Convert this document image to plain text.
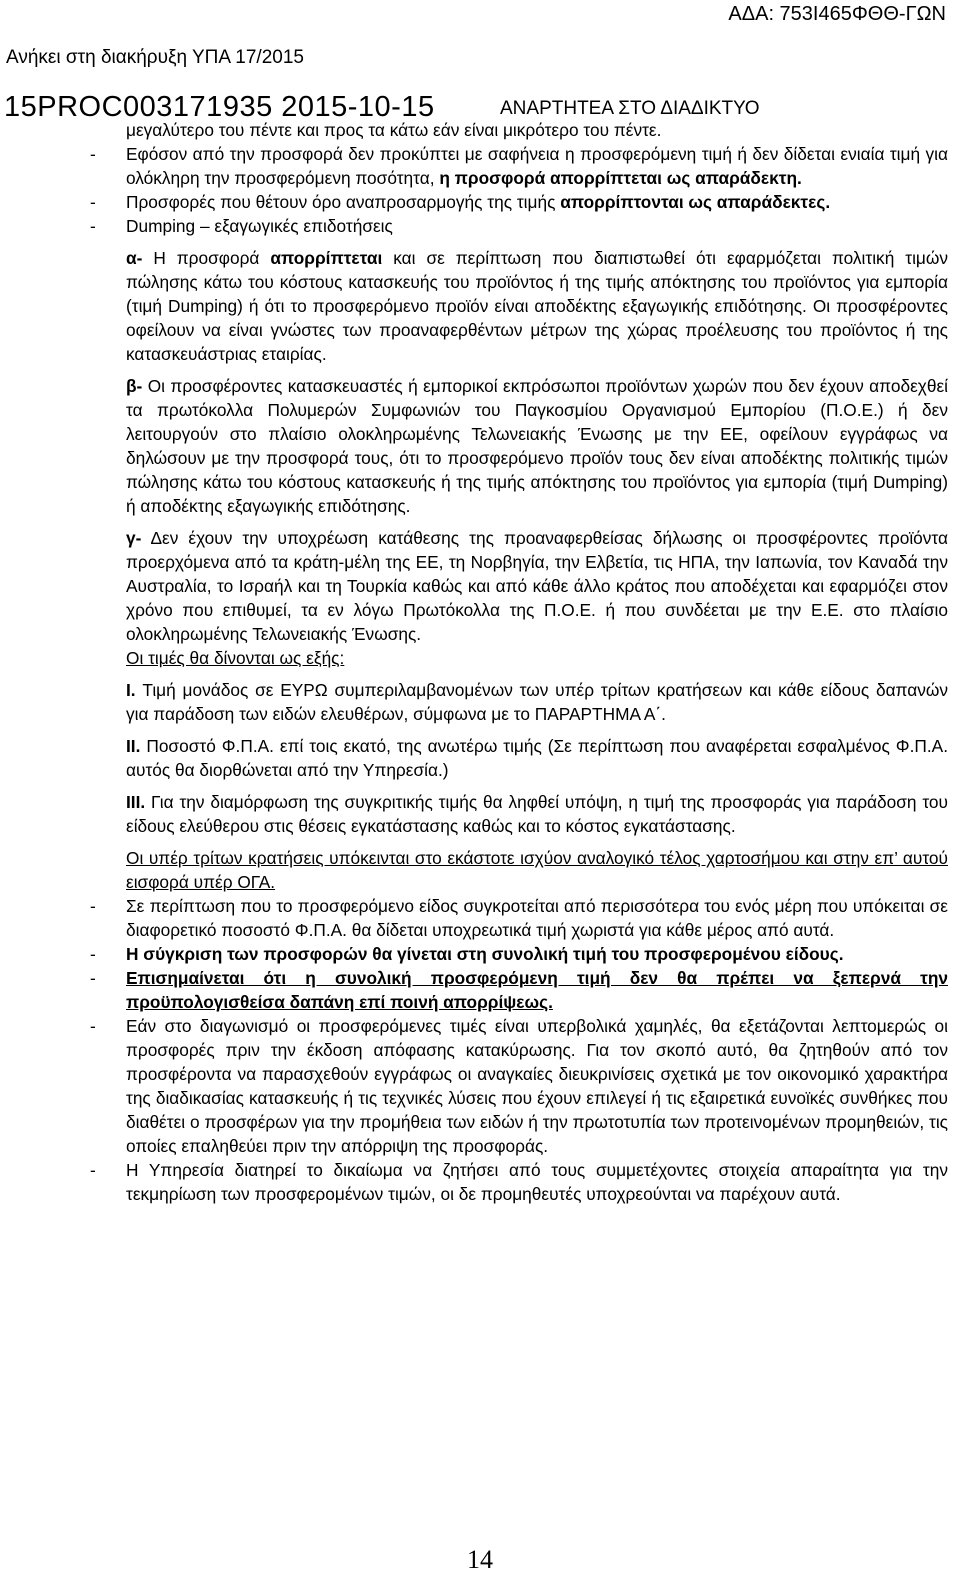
ΑΔΑ: 753Ι465ΦΘΘ-ΓΩΝ
Ανήκει στη διακήρυξη ΥΠΑ 17/2015
15PROC003171935 2015-10-15	ΑΝΑΡΤΗΤΕΑ ΣΤΟ ΔΙΑΔΙΚΤΥΟ

μεγαλύτερο του πέντε και προς τα κάτω εάν είναι μικρότερο του πέντε.

- Εφόσον από την προσφορά δεν προκύπτει με σαφήνεια η προσφερόμενη τιμή ή δεν δίδεται ενιαία τιμή για ολόκληρη την προσφερόμενη ποσότητα, η προσφορά απορρίπτεται ως απαράδεκτη.
- Προσφορές που θέτουν όρο αναπροσαρμογής της τιμής απορρίπτονται ως απαράδεκτες.
- Dumping – εξαγωγικές επιδοτήσεις

α- Η προσφορά απορρίπτεται και σε περίπτωση που διαπιστωθεί ότι εφαρμόζεται πολιτική τιμών πώλησης κάτω του κόστους κατασκευής του προϊόντος ή της τιμής απόκτησης του προϊόντος για εμπορία (τιμή Dumping) ή ότι το προσφερόμενο προϊόν είναι αποδέκτης εξαγωγικής επιδότησης. Οι προσφέροντες οφείλουν να είναι γνώστες των προαναφερθέντων μέτρων της χώρας προέλευσης του προϊόντος ή της κατασκευάστριας εταιρίας.

β- Οι προσφέροντες κατασκευαστές ή εμπορικοί εκπρόσωποι προϊόντων χωρών που δεν έχουν αποδεχθεί τα πρωτόκολλα Πολυμερών Συμφωνιών του Παγκοσμίου Οργανισμού Εμπορίου (Π.Ο.Ε.) ή δεν λειτουργούν στο πλαίσιο ολοκληρωμένης Τελωνειακής Ένωσης με την ΕΕ, οφείλουν εγγράφως να δηλώσουν με την προσφορά τους, ότι το προσφερόμενο προϊόν τους δεν είναι αποδέκτης πολιτικής τιμών πώλησης κάτω του κόστους κατασκευής ή της τιμής απόκτησης του προϊόντος για εμπορία (τιμή Dumping) ή αποδέκτης εξαγωγικής επιδότησης.

γ- Δεν έχουν την υποχρέωση κατάθεσης της προαναφερθείσας δήλωσης οι προσφέροντες προϊόντα προερχόμενα από τα κράτη-μέλη της ΕΕ, τη Νορβηγία, την Ελβετία, τις ΗΠΑ, την Ιαπωνία, τον Καναδά την Αυστραλία, το Ισραήλ και τη Τουρκία καθώς και από κάθε άλλο κράτος που αποδέχεται και εφαρμόζει στον χρόνο που επιθυμεί, τα εν λόγω Πρωτόκολλα της Π.Ο.Ε. ή που συνδέεται με την Ε.Ε. στο πλαίσιο ολοκληρωμένης Τελωνειακής Ένωσης.

Οι τιμές θα δίνονται ως εξής:

I. Τιμή μονάδος σε ΕΥΡΩ συμπεριλαμβανομένων των υπέρ τρίτων κρατήσεων και κάθε είδους δαπανών για παράδοση των ειδών ελευθέρων, σύμφωνα με το ΠΑΡΑΡΤΗΜΑ Α΄.

II. Ποσοστό Φ.Π.Α. επί τοις εκατό, της ανωτέρω τιμής (Σε περίπτωση που αναφέρεται εσφαλμένος Φ.Π.Α. αυτός θα διορθώνεται από την Υπηρεσία.)

III. Για την διαμόρφωση της συγκριτικής τιμής θα ληφθεί υπόψη, η τιμή της προσφοράς για παράδοση του είδους ελεύθερου στις θέσεις εγκατάστασης καθώς και το κόστος εγκατάστασης.

Οι υπέρ τρίτων κρατήσεις υπόκεινται στο εκάστοτε ισχύον αναλογικό τέλος χαρτοσήμου και στην επ’ αυτού εισφορά υπέρ ΟΓΑ.

- Σε περίπτωση που το προσφερόμενο είδος συγκροτείται από περισσότερα του ενός μέρη που υπόκειται σε διαφορετικό ποσοστό Φ.Π.Α. θα δίδεται υποχρεωτικά τιμή χωριστά για κάθε μέρος από αυτά.
- Η σύγκριση των προσφορών θα γίνεται στη συνολική τιμή του προσφερομένου είδους.
- Επισημαίνεται ότι η συνολική προσφερόμενη τιμή δεν θα πρέπει να ξεπερνά την προϋπολογισθείσα δαπάνη επί ποινή απορρίψεως.
- Εάν στο διαγωνισμό οι προσφερόμενες τιμές είναι υπερβολικά χαμηλές, θα εξετάζονται λεπτομερώς οι προσφορές πριν την έκδοση απόφασης κατακύρωσης. Για τον σκοπό αυτό, θα ζητηθούν από τον προσφέροντα να παρασχεθούν εγγράφως οι αναγκαίες διευκρινίσεις σχετικά με τον οικονομικό χαρακτήρα της διαδικασίας κατασκευής ή τις τεχνικές λύσεις που έχουν επιλεγεί ή τις εξαιρετικά ευνοϊκές συνθήκες που διαθέτει ο προσφέρων για την προμήθεια των ειδών ή την πρωτοτυπία των προτεινομένων προμηθειών, τις οποίες επαληθεύει πριν την απόρριψη της προσφοράς.
- Η Υπηρεσία διατηρεί το δικαίωμα να ζητήσει από τους συμμετέχοντες στοιχεία απαραίτητα για την τεκμηρίωση των προσφερομένων τιμών, οι δε προμηθευτές υποχρεούνται να παρέχουν αυτά.
14
